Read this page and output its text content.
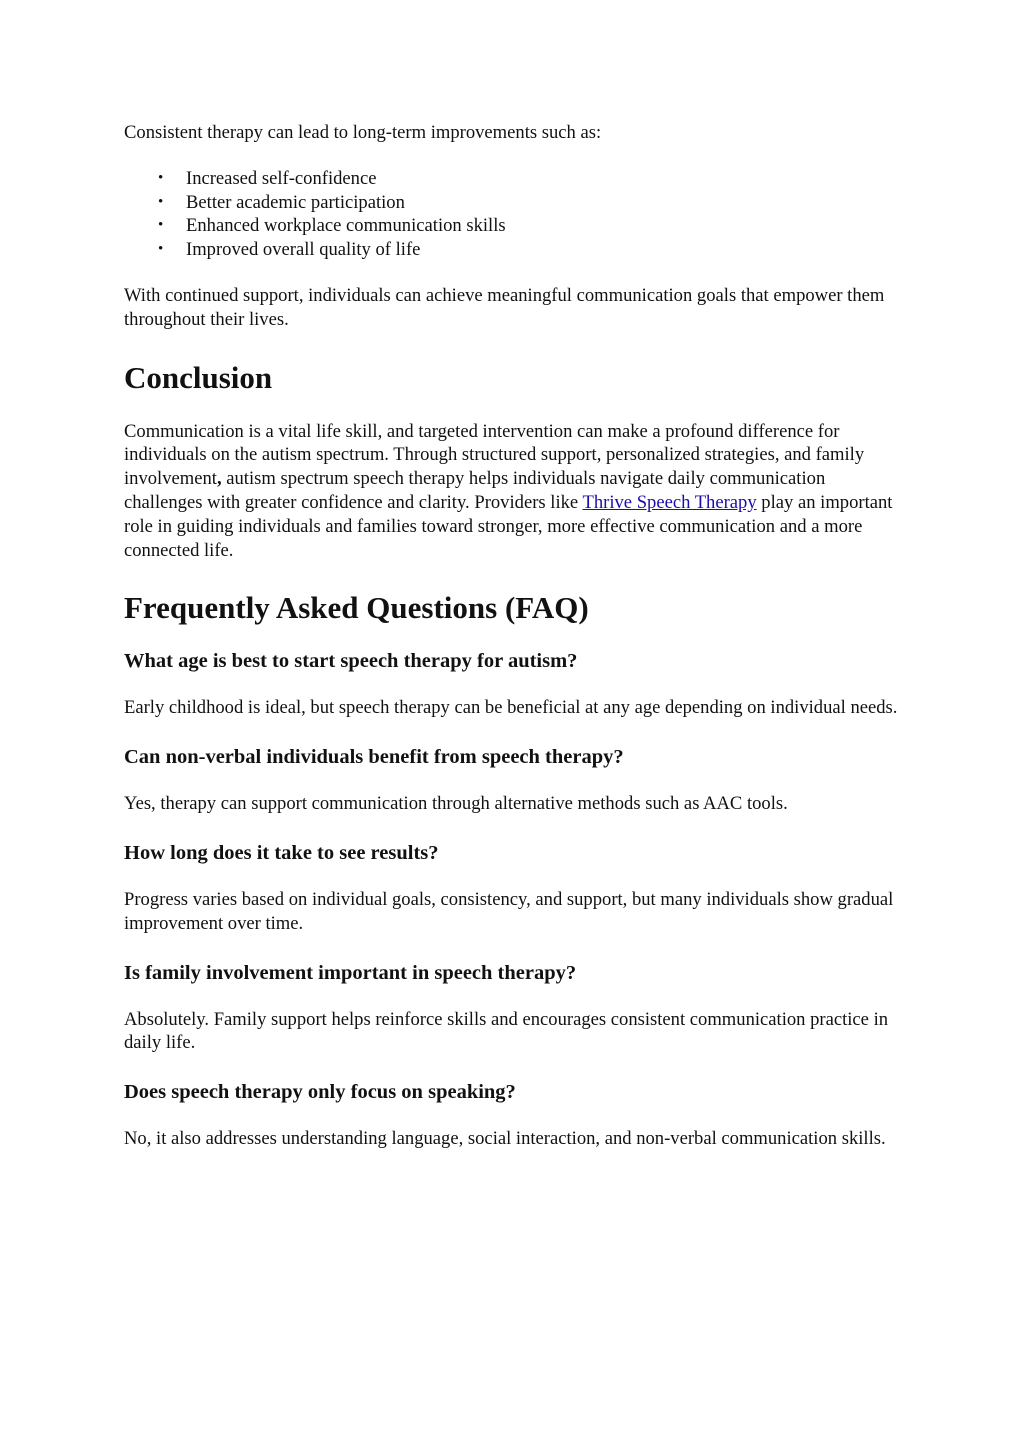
Consistent therapy can lead to long-term improvements such as:

• Increased self-confidence
• Better academic participation
• Enhanced workplace communication skills
• Improved overall quality of life

With continued support, individuals can achieve meaningful communication goals that empower them throughout their lives.

Conclusion

Communication is a vital life skill, and targeted intervention can make a profound difference for individuals on the autism spectrum. Through structured support, personalized strategies, and family involvement, autism spectrum speech therapy helps individuals navigate daily communication challenges with greater confidence and clarity. Providers like Thrive Speech Therapy play an important role in guiding individuals and families toward stronger, more effective communication and a more connected life.

Frequently Asked Questions (FAQ)
What age is best to start speech therapy for autism?

Early childhood is ideal, but speech therapy can be beneficial at any age depending on individual needs.

Can non-verbal individuals benefit from speech therapy?

Yes, therapy can support communication through alternative methods such as AAC tools.

How long does it take to see results?

Progress varies based on individual goals, consistency, and support, but many individuals show gradual improvement over time.

Is family involvement important in speech therapy?

Absolutely. Family support helps reinforce skills and encourages consistent communication practice in daily life.

Does speech therapy only focus on speaking?

No, it also addresses understanding language, social interaction, and non-verbal communication skills.
